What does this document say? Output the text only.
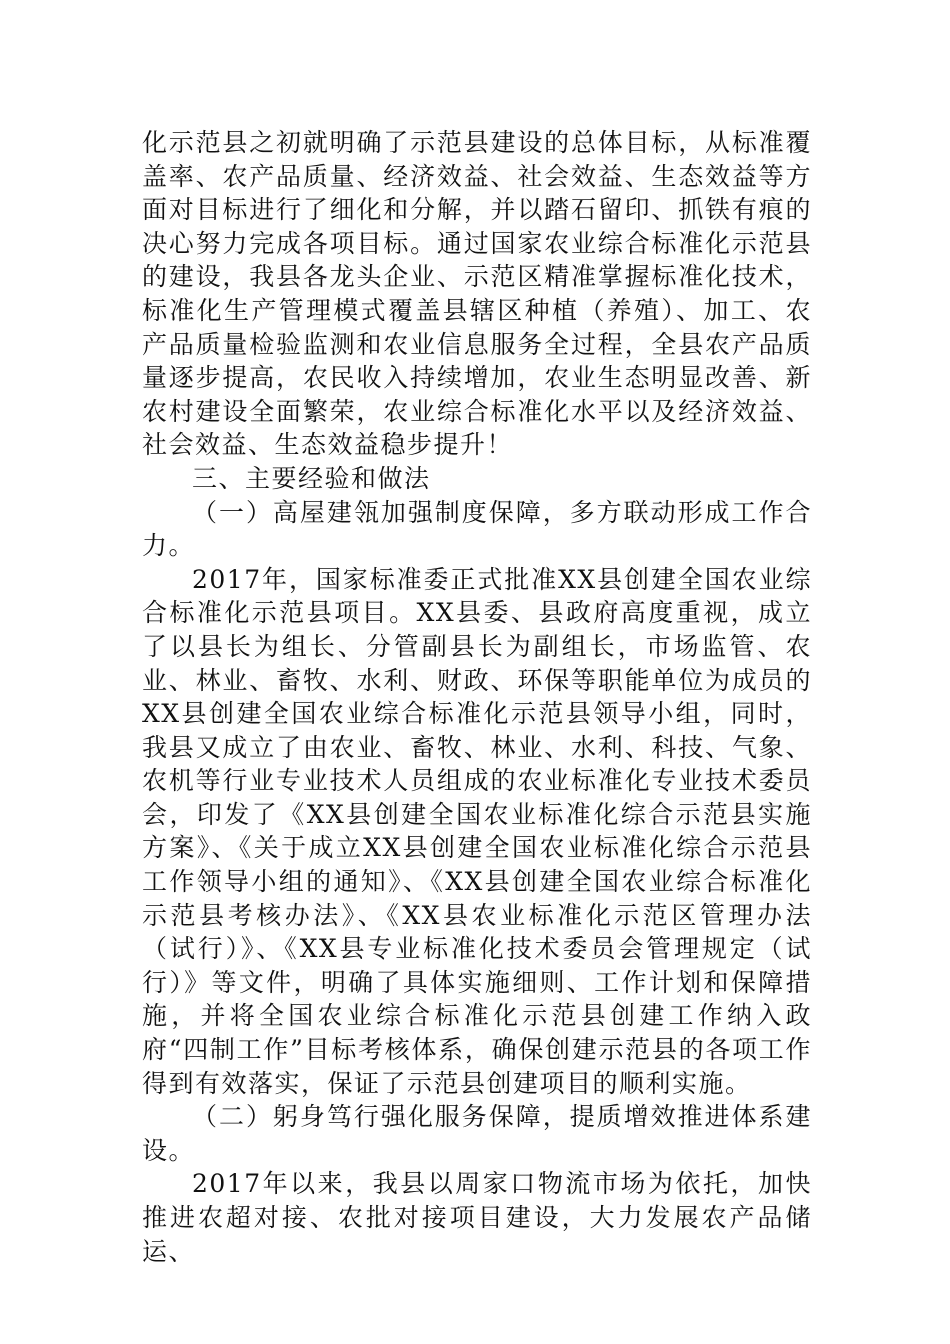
化示范县之初就明确了示范县建设的总体目标，从标准覆盖率、农产品质量、经济效益、社会效益、生态效益等方面对目标进行了细化和分解，并以踏石留印、抓铁有痕的决心努力完成各项目标。通过国家农业综合标准化示范县的建设，我县各龙头企业、示范区精准掌握标准化技术，标准化生产管理模式覆盖县辖区种植（养殖）、加工、农产品质量检验监测和农业信息服务全过程，全县农产品质量逐步提高，农民收入持续增加，农业生态明显改善、新农村建设全面繁荣，农业综合标准化水平以及经济效益、社会效益、生态效益稳步提升！

三、主要经验和做法

（一）高屋建瓴加强制度保障，多方联动形成工作合力。

2017年，国家标准委正式批准XX县创建全国农业综合标准化示范县项目。XX县委、县政府高度重视，成立了以县长为组长、分管副县长为副组长，市场监管、农业、林业、畜牧、水利、财政、环保等职能单位为成员的XX县创建全国农业综合标准化示范县领导小组，同时，我县又成立了由农业、畜牧、林业、水利、科技、气象、农机等行业专业技术人员组成的农业标准化专业技术委员会，印发了《XX县创建全国农业标准化综合示范县实施方案》、《关于成立XX县创建全国农业标准化综合示范县工作领导小组的通知》、《XX县创建全国农业综合标准化示范县考核办法》、《XX县农业标准化示范区管理办法（试行）》、《XX县专业标准化技术委员会管理规定（试行）》等文件，明确了具体实施细则、工作计划和保障措施，并将全国农业综合标准化示范县创建工作纳入政府“四制工作”目标考核体系，确保创建示范县的各项工作得到有效落实，保证了示范县创建项目的顺利实施。

（二）躬身笃行强化服务保障，提质增效推进体系建设。

2017年以来，我县以周家口物流市场为依托，加快推进农超对接、农批对接项目建设，大力发展农产品储运、
